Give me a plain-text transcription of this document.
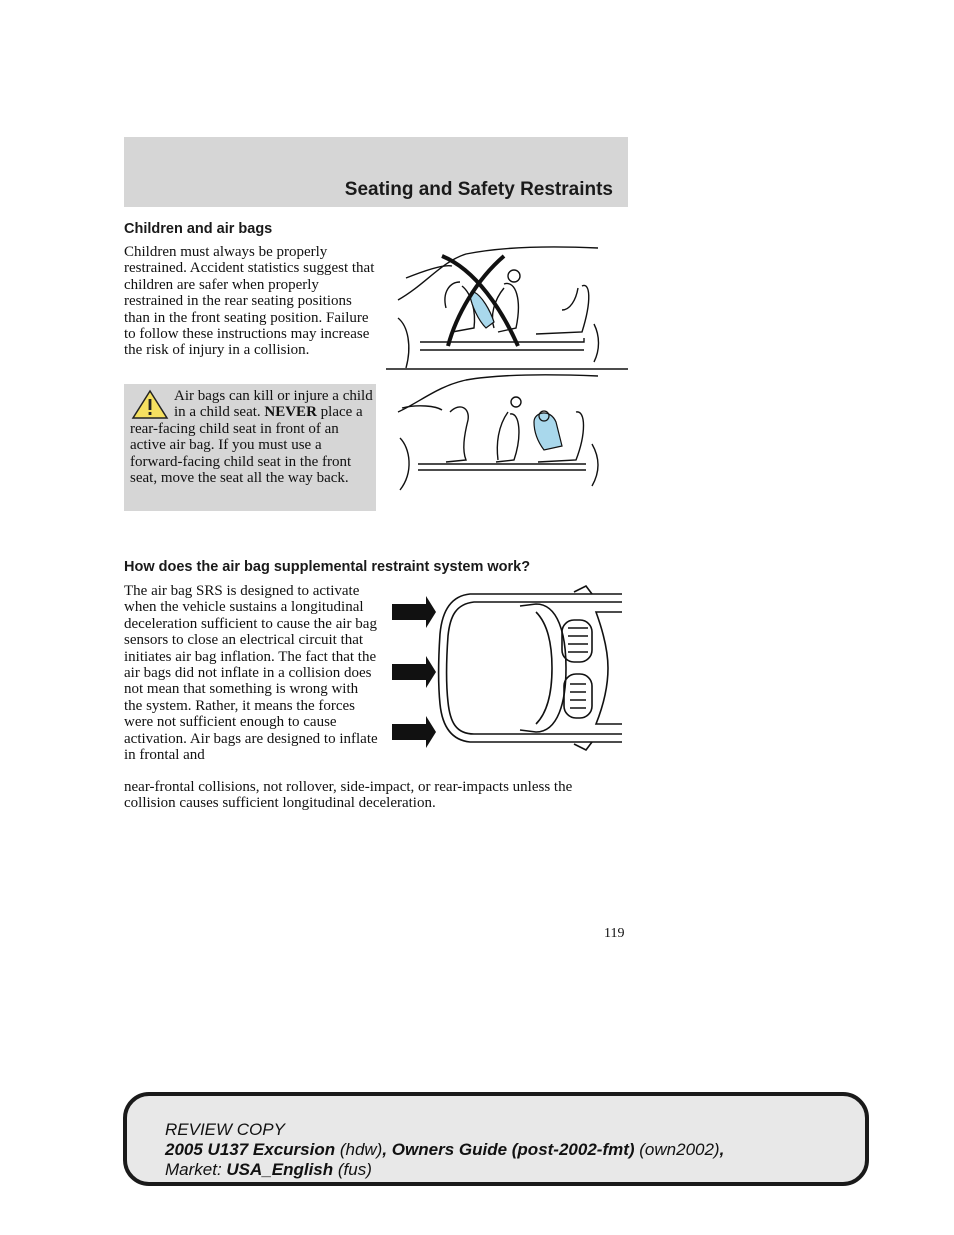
Seating and Safety Restraints
Children and air bags

Children must always be properly restrained. Accident statistics suggest that children are safer when properly restrained in the rear seating positions than in the front seating position. Failure to follow these instructions may increase the risk of injury in a collision.

Air bags can kill or injure a child in a child seat. NEVER place a rear-facing child seat in front of an active air bag. If you must use a forward-facing child seat in the front seat, move the seat all the way back.
How does the air bag supplemental restraint system work?

The air bag SRS is designed to activate when the vehicle sustains a longitudinal deceleration sufficient to cause the air bag sensors to close an electrical circuit that initiates air bag inflation. The fact that the air bags did not inflate in a collision does not mean that something is wrong with the system. Rather, it means the forces were not sufficient enough to cause activation. Air bags are designed to inflate in frontal and

near-frontal collisions, not rollover, side-impact, or rear-impacts unless the collision causes sufficient longitudinal deceleration.

119

REVIEW COPY
2005 U137 Excursion (hdw), Owners Guide (post-2002-fmt) (own2002),
Market: USA_English (fus)
